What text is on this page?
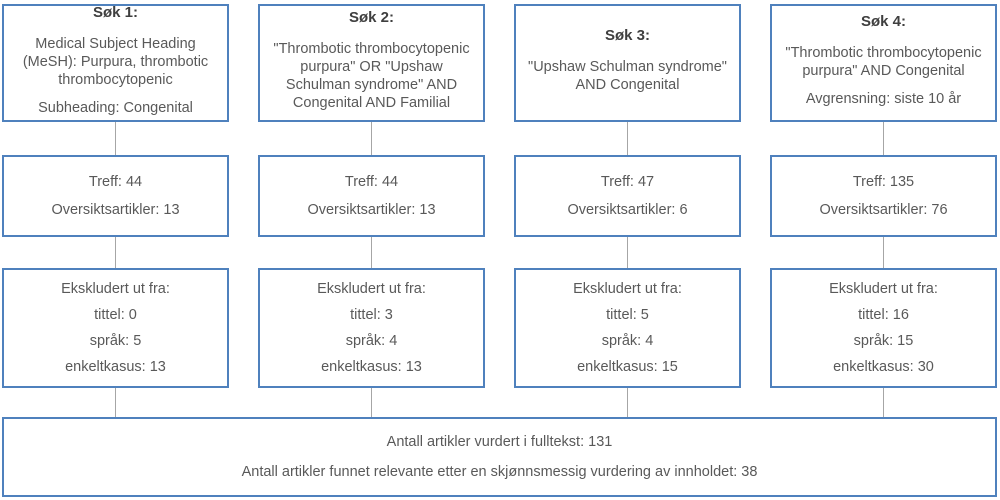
Søk 1:

Medical Subject Heading (MeSH): Purpura, thrombotic thrombocytopenic

Subheading: Congenital

Treff: 44

Oversiktsartikler: 13

Ekskludert ut fra:

tittel: 0

språk: 5

enkeltkasus: 13

Søk 2:

"Thrombotic thrombocytopenic purpura" OR "Upshaw Schulman syndrome" AND Congenital AND Familial

Treff: 44

Oversiktsartikler: 13

Ekskludert ut fra:

tittel: 3

språk: 4

enkeltkasus: 13

Søk 3:

"Upshaw Schulman syndrome" AND Congenital

Treff: 47

Oversiktsartikler: 6

Ekskludert ut fra:

tittel: 5

språk: 4

enkeltkasus: 15

Søk 4:

"Thrombotic thrombocytopenic purpura" AND Congenital

Avgrensning: siste 10 år

Treff: 135

Oversiktsartikler: 76

Ekskludert ut fra:

tittel: 16

språk: 15

enkeltkasus: 30

Antall artikler vurdert i fulltekst: 131

Antall artikler funnet relevante etter en skjønnsmessig vurdering av innholdet: 38
